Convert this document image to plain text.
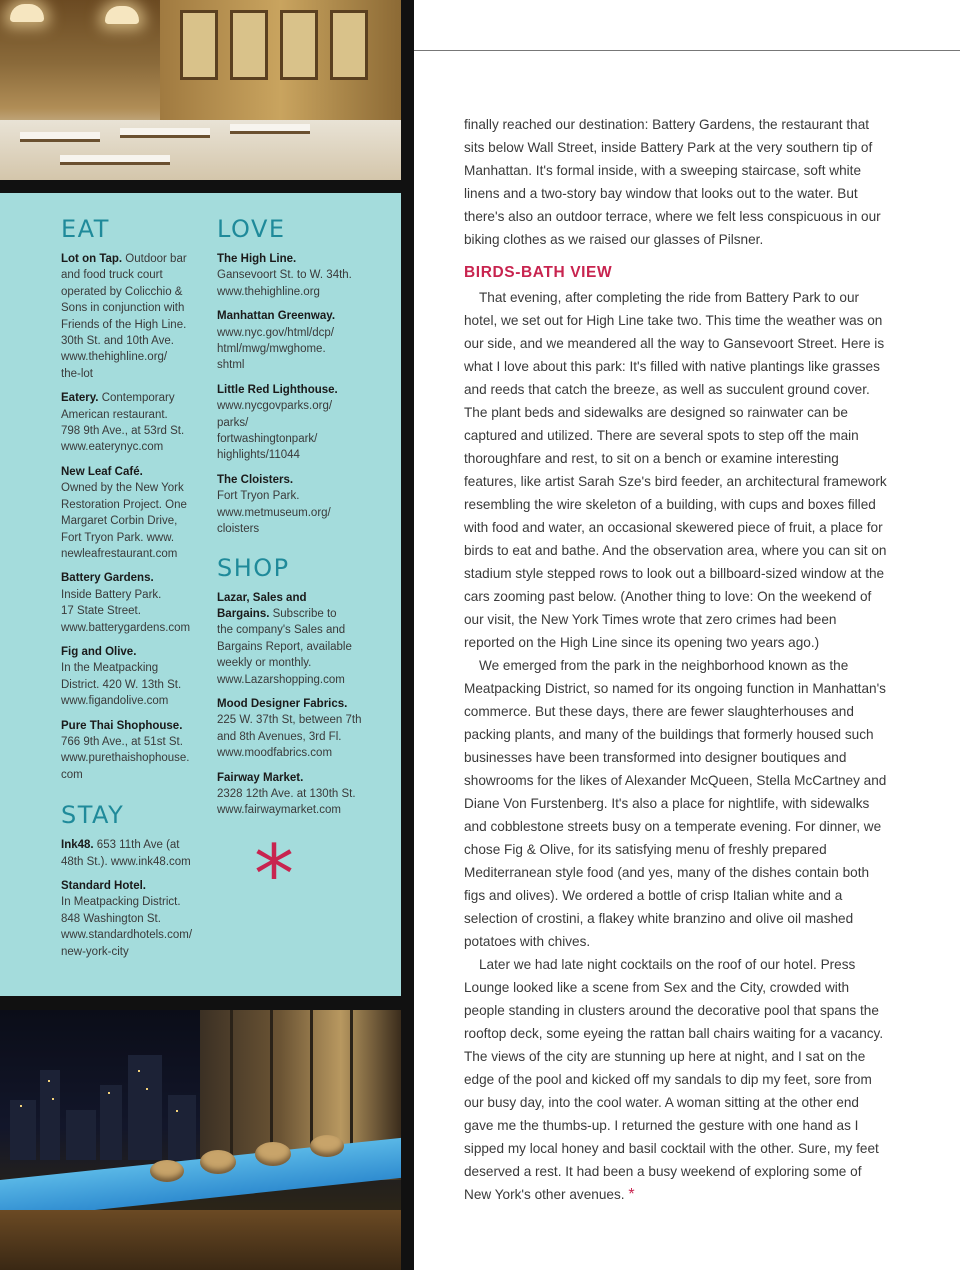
EAT
Lot on Tap. Outdoor bar
and food truck court
operated by Colicchio &
Sons in conjunction with
Friends of the High Line.
30th St. and 10th Ave.
www.thehighline.org/
the-lot
Eatery. Contemporary
American restaurant.
798 9th Ave., at 53rd St.
www.eaterynyc.com
New Leaf Café.
Owned by the New York
Restoration Project. One
Margaret Corbin Drive,
Fort Tryon Park. www.
newleafrestaurant.com
Battery Gardens.
Inside Battery Park.
17 State Street.
www.batterygardens.com
Fig and Olive.
In the Meatpacking
District. 420 W. 13th St.
www.figandolive.com
Pure Thai Shophouse.
766 9th Ave., at 51st St.
www.purethaishophouse.
com
STAY
Ink48. 653 11th Ave (at
48th St.). www.ink48.com
Standard Hotel.
In Meatpacking District.
848 Washington St.
www.standardhotels.com/
new-york-city
LOVE
The High Line.
Gansevoort St. to W. 34th.
www.thehighline.org
Manhattan Greenway.
www.nyc.gov/html/dcp/
html/mwg/mwghome.
shtml
Little Red Lighthouse.
www.nycgovparks.org/
parks/
fortwashingtonpark/
highlights/11044
The Cloisters.
Fort Tryon Park.
www.metmuseum.org/
cloisters
SHOP
Lazar, Sales and
Bargains. Subscribe to
the company's Sales and
Bargains Report, available
weekly or monthly.
www.Lazarshopping.com
Mood Designer Fabrics.
225 W. 37th St, between 7th
and 8th Avenues, 3rd Fl.
www.moodfabrics.com
Fairway Market.
2328 12th Ave. at 130th St.
www.fairwaymarket.com
*

finally reached our destination: Battery Gardens, the restaurant that sits below Wall Street, inside Battery Park at the very southern tip of Manhattan. It's formal inside, with a sweeping staircase, soft white linens and a two-story bay window that looks out to the water. But there's also an outdoor terrace, where we felt less conspicuous in our biking clothes as we raised our glasses of Pilsner.

BIRDS-BATH VIEW

That evening, after completing the ride from Battery Park to our hotel, we set out for High Line take two. This time the weather was on our side, and we meandered all the way to Gansevoort Street. Here is what I love about this park: It's filled with native plantings like grasses and reeds that catch the breeze, as well as succulent ground cover. The plant beds and sidewalks are designed so rainwater can be captured and utilized. There are several spots to step off the main thoroughfare and rest, to sit on a bench or examine interesting features, like artist Sarah Sze's bird feeder, an architectural framework resembling the wire skeleton of a building, with cups and boxes filled with food and water, an occasional skewered piece of fruit, a place for birds to eat and bathe. And the observation area, where you can sit on stadium style stepped rows to look out a billboard-sized window at the cars zooming past below. (Another thing to love: On the weekend of our visit, the New York Times wrote that zero crimes had been reported on the High Line since its opening two years ago.)

We emerged from the park in the neighborhood known as the Meatpacking District, so named for its ongoing function in Manhattan's commerce. But these days, there are fewer slaughterhouses and packing plants, and many of the buildings that formerly housed such businesses have been transformed into designer boutiques and showrooms for the likes of Alexander McQueen, Stella McCartney and Diane Von Furstenberg. It's also a place for nightlife, with sidewalks and cobblestone streets busy on a temperate evening. For dinner, we chose Fig & Olive, for its satisfying menu of freshly prepared Mediterranean style food (and yes, many of the dishes contain both figs and olives). We ordered a bottle of crisp Italian white and a selection of crostini, a flakey white branzino and olive oil mashed potatoes with chives.

Later we had late night cocktails on the roof of our hotel. Press Lounge looked like a scene from Sex and the City, crowded with people standing in clusters around the decorative pool that spans the rooftop deck, some eyeing the rattan ball chairs waiting for a vacancy. The views of the city are stunning up here at night, and I sat on the edge of the pool and kicked off my sandals to dip my feet, sore from our busy day, into the cool water. A woman sitting at the other end gave me the thumbs-up. I returned the gesture with one hand as I sipped my local honey and basil cocktail with the other. Sure, my feet deserved a rest. It had been a busy weekend of exploring some of New York's other avenues. *
